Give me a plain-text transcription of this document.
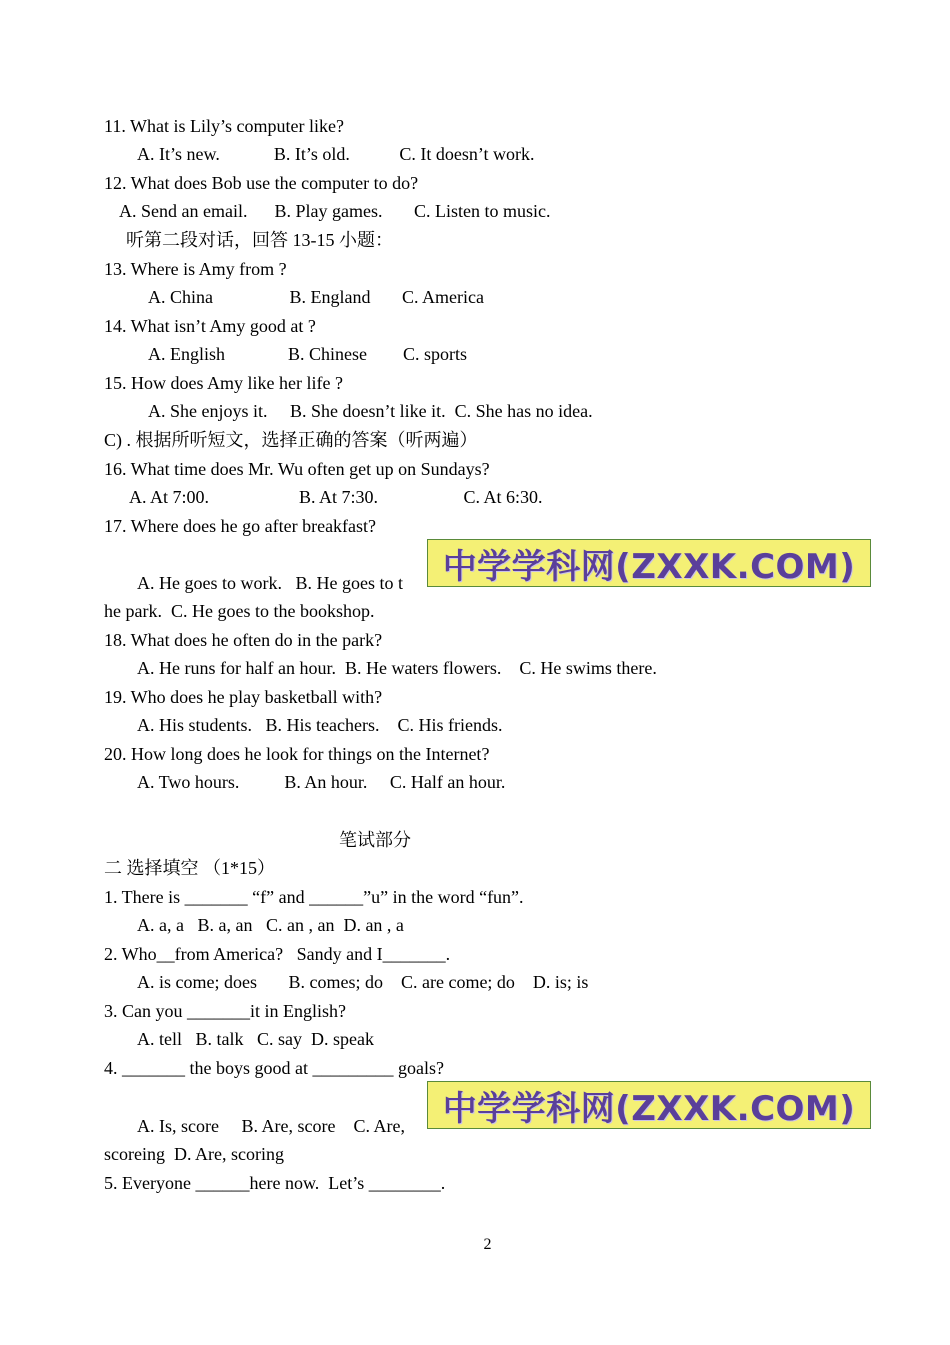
11. What is Lily’s computer like?
A. It’s new.            B. It’s old.           C. It doesn’t work.
12. What does Bob use the computer to do?
A. Send an email.      B. Play games.       C. Listen to music.
听第二段对话，回答 13-15 小题：
13. Where is Amy from ?
A. China                 B. England       C. America
14. What isn’t Amy good at ?
A. English              B. Chinese        C. sports
15. How does Amy like her life ?
A. She enjoys it.     B. She doesn’t like it.  C. She has no idea.
C) . 根据所听短文，选择正确的答案（听两遍）
16. What time does Mr. Wu often get up on Sundays?
A. At 7:00.                    B. At 7:30.                   C. At 6:30.
17. Where does he go after breakfast?
A. He goes to work.   B. He goes to t
he park.  C. He goes to the bookshop.
18. What does he often do in the park?
A. He runs for half an hour.  B. He waters flowers.    C. He swims there.
19. Who does he play basketball with?
A. His students.   B. His teachers.    C. His friends.
20. How long does he look for things on the Internet?
A. Two hours.          B. An hour.     C. Half an hour.
笔试部分
二 选择填空 （1*15）
1. There is _______ “f” and ______”u” in the word “fun”.
A. a, a   B. a, an   C. an , an  D. an , a
2. Who__from America?   Sandy and I_______.
A. is come; does       B. comes; do    C. are come; do    D. is; is
3. Can you _______it in English?
A. tell   B. talk   C. say  D. speak
4. _______ the boys good at _________ goals?
A. Is, score     B. Are, score    C. Are,
scoreing  D. Are, scoring
5. Everyone ______here now.  Let’s ________.
中学学科网(ZXXK.COM)
中学学科网(ZXXK.COM)
2
